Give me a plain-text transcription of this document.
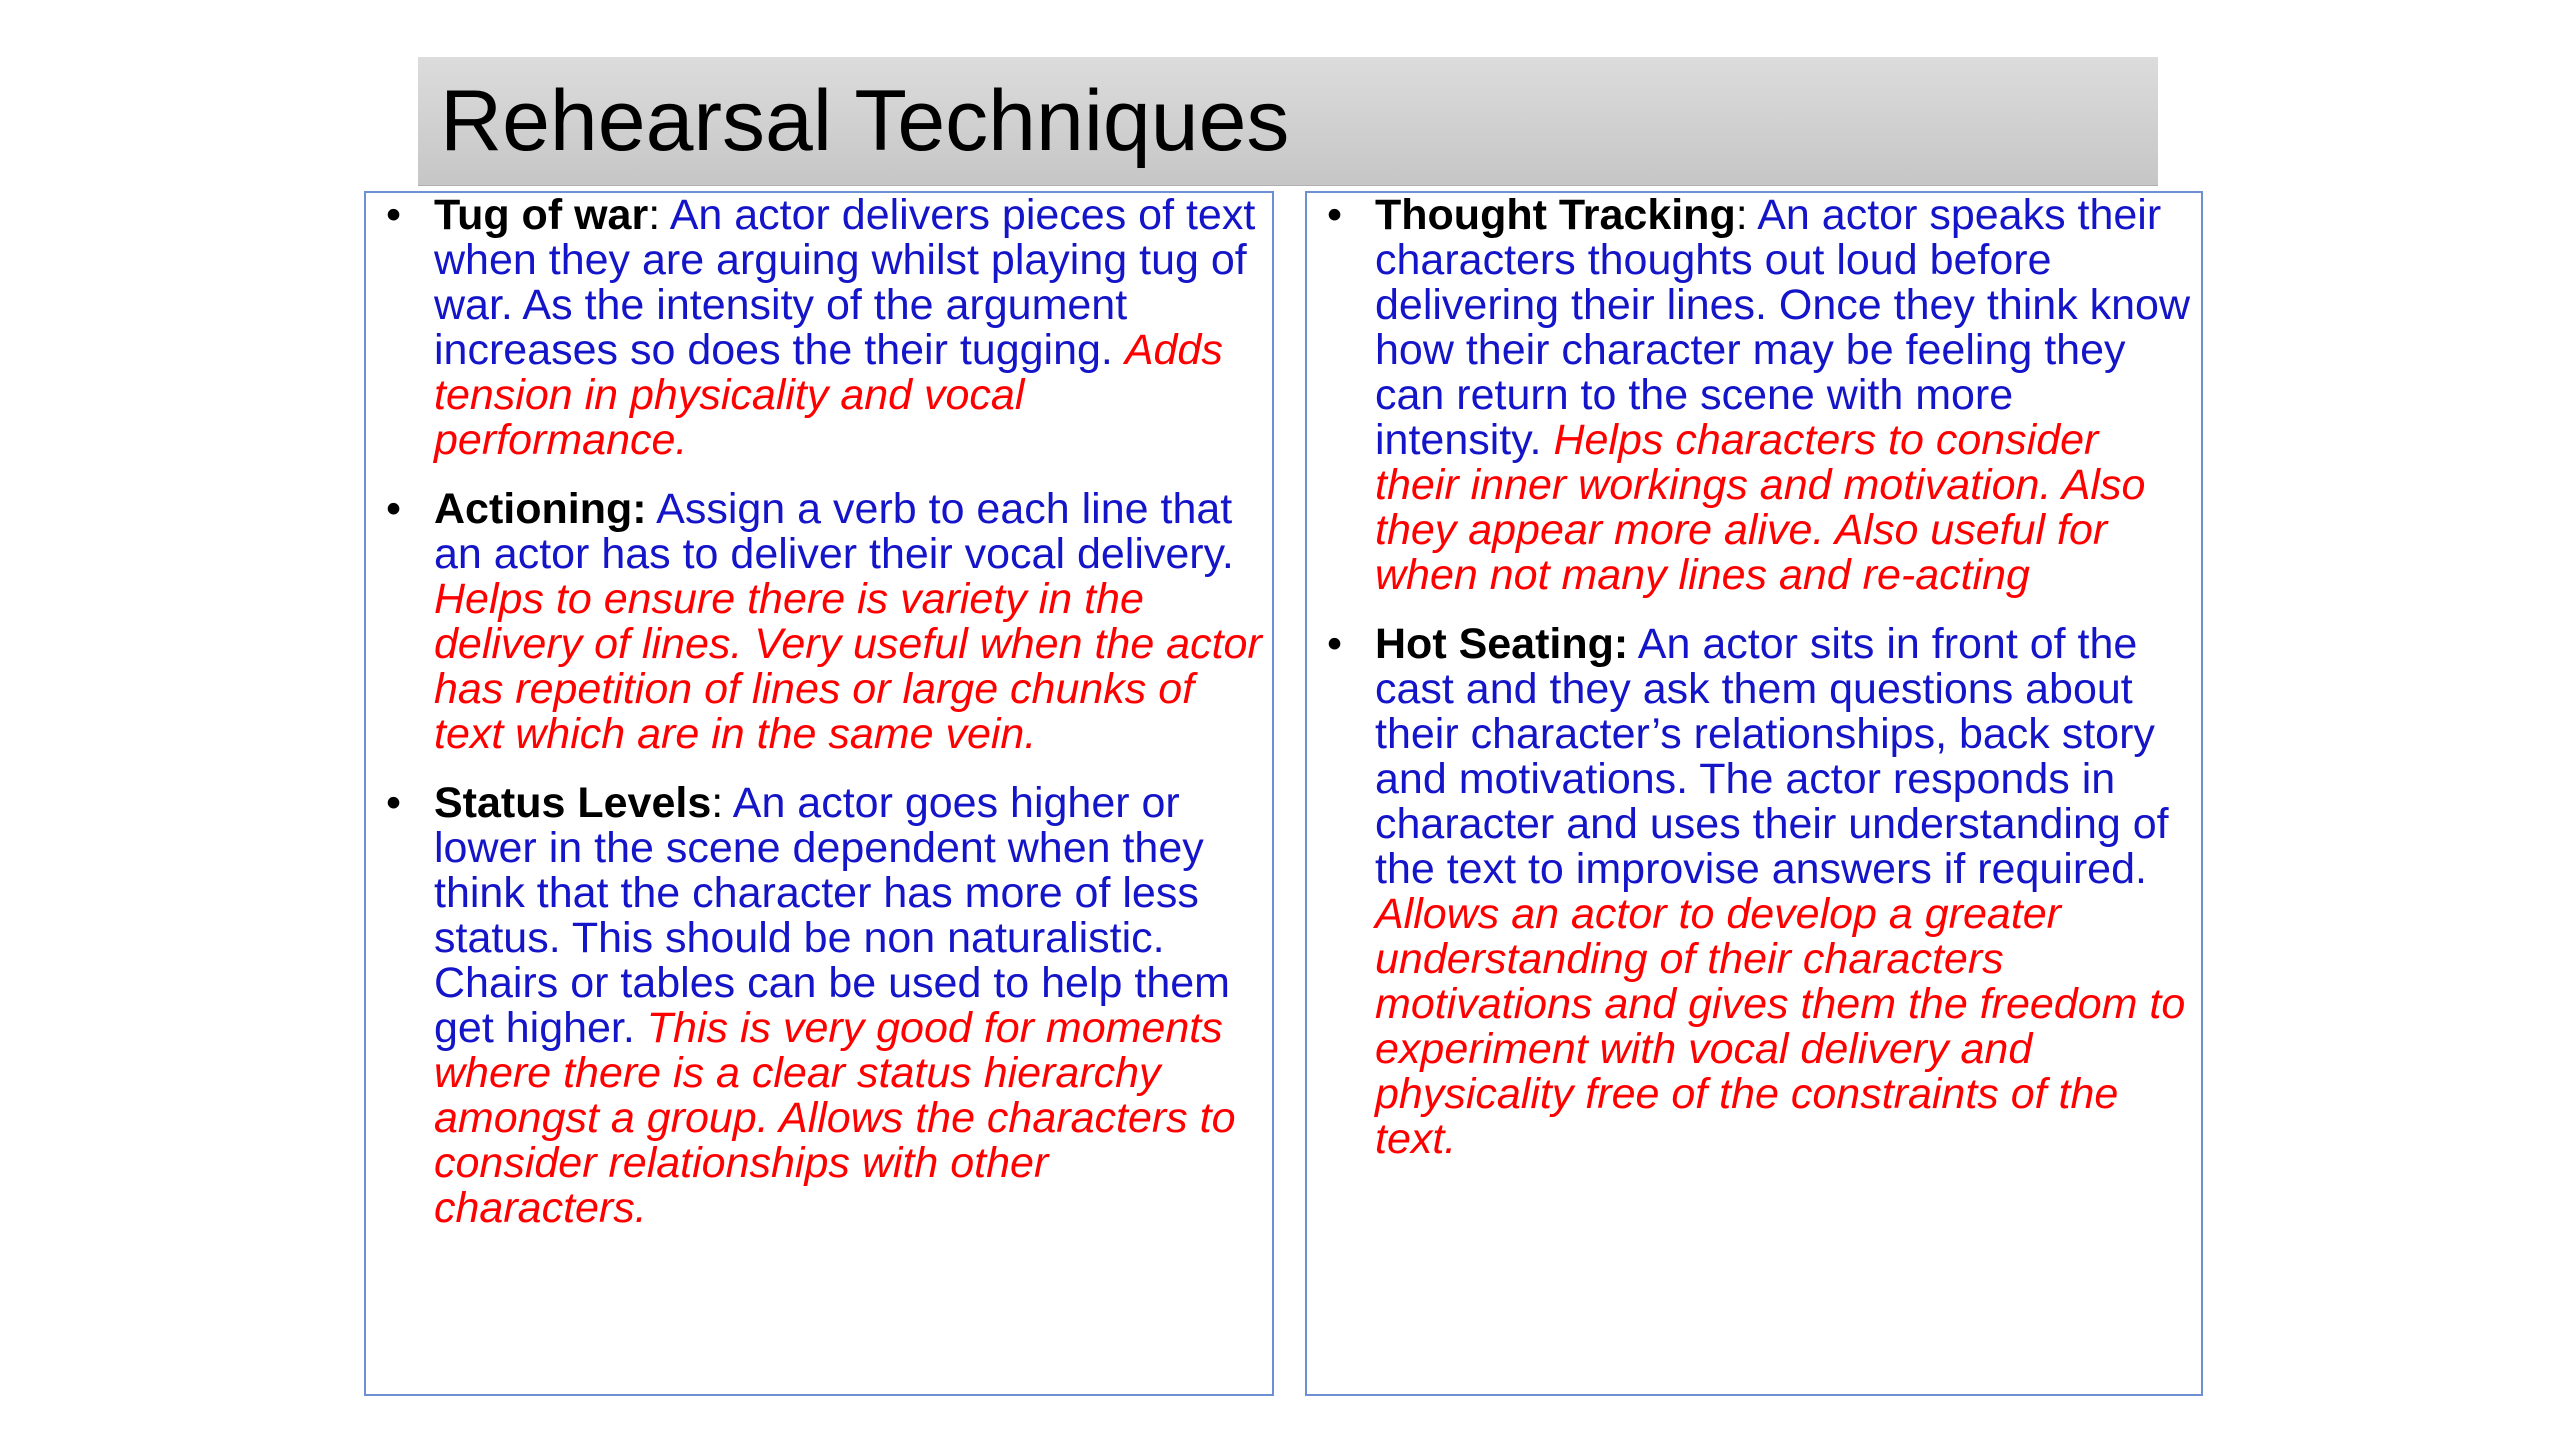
Rehearsal Techniques
• Tug of war: An actor delivers pieces of text when they are arguing whilst playing tug of war. As the intensity of the argument increases so does the their tugging. Adds tension in physicality and vocal performance.
• Actioning: Assign a verb to each line that an actor has to deliver their vocal delivery. Helps to ensure there is variety in the delivery of lines. Very useful when the actor has repetition of lines or large chunks of text which are in the same vein.
• Status Levels: An actor goes higher or lower in the scene dependent when they think that the character has more of less status. This should be non naturalistic. Chairs or tables can be used to help them get higher. This is very good for moments where there is a clear status hierarchy amongst a group. Allows the characters to consider relationships with other characters.
• Thought Tracking: An actor speaks their characters thoughts out loud before delivering their lines. Once they think know how their character may be feeling they can return to the scene with more intensity. Helps characters to consider their inner workings and motivation. Also they appear more alive. Also useful for when not many lines and re-acting
• Hot Seating: An actor sits in front of the cast and they ask them questions about their character’s relationships, back story and motivations. The actor responds in character and uses their understanding of the text to improvise answers if required. Allows an actor to develop a greater understanding of their characters motivations and gives them the freedom to experiment with vocal delivery and physicality free of the constraints of the text.
